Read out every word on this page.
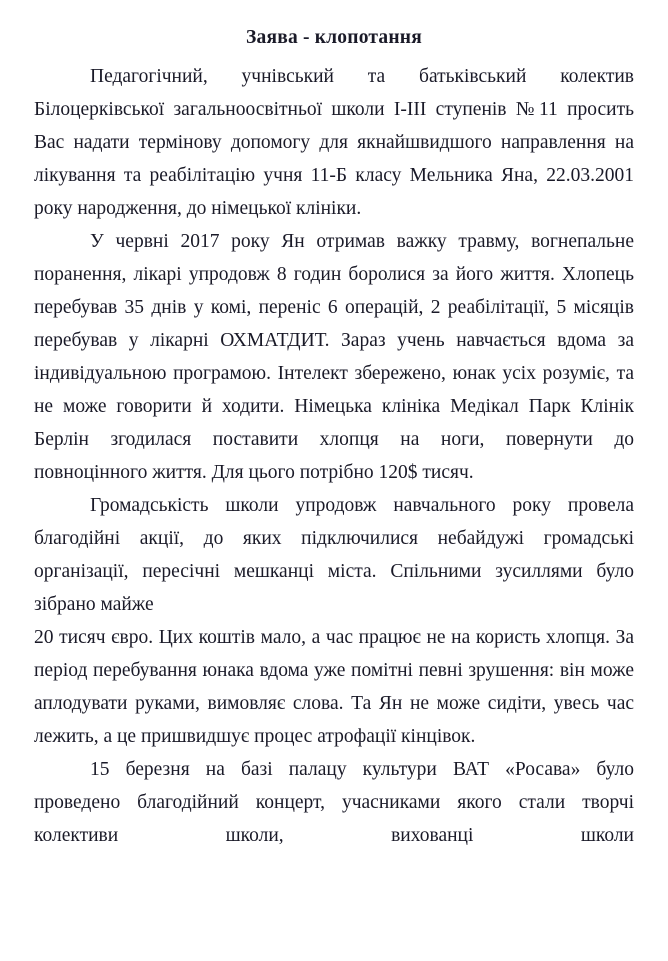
Заява - клопотання

Педагогічний, учнівський та батьківський колектив Білоцерківської загальноосвітньої школи І-ІІІ ступенів №11 просить Вас надати термінову допомогу для якнайшвидшого направлення на лікування та реабілітацію учня 11-Б класу Мельника Яна, 22.03.2001 року народження, до німецької клініки.

У червні 2017 року Ян отримав важку травму, вогнепальне поранення, лікарі упродовж 8 годин боролися за його життя. Хлопець перебував 35 днів у комі, переніс 6 операцій, 2 реабілітації, 5 місяців перебував у лікарні ОХМАТДИТ. Зараз учень навчається вдома за індивідуальною програмою. Інтелект збережено, юнак усіх розуміє, та не може говорити й ходити. Німецька клініка Медікал Парк Клінік Берлін згодилася поставити хлопця на ноги, повернути до повноцінного життя. Для цього потрібно 120$ тисяч.

Громадськість школи упродовж навчального року провела благодійні акції, до яких підключилися небайдужі громадські організації, пересічні мешканці міста. Спільними зусиллями було зібрано майже

20 тисяч євро. Цих коштів мало, а час працює не на користь хлопця. За період перебування юнака вдома уже помітні певні зрушення: він може аплодувати руками, вимовляє слова. Та Ян не може сидіти, увесь час лежить, а це пришвидшує процес атрофації кінцівок.

15 березня на базі палацу культури ВАТ «Росава» було проведено благодійний концерт, учасниками якого стали творчі колективи школи, вихованці школи
